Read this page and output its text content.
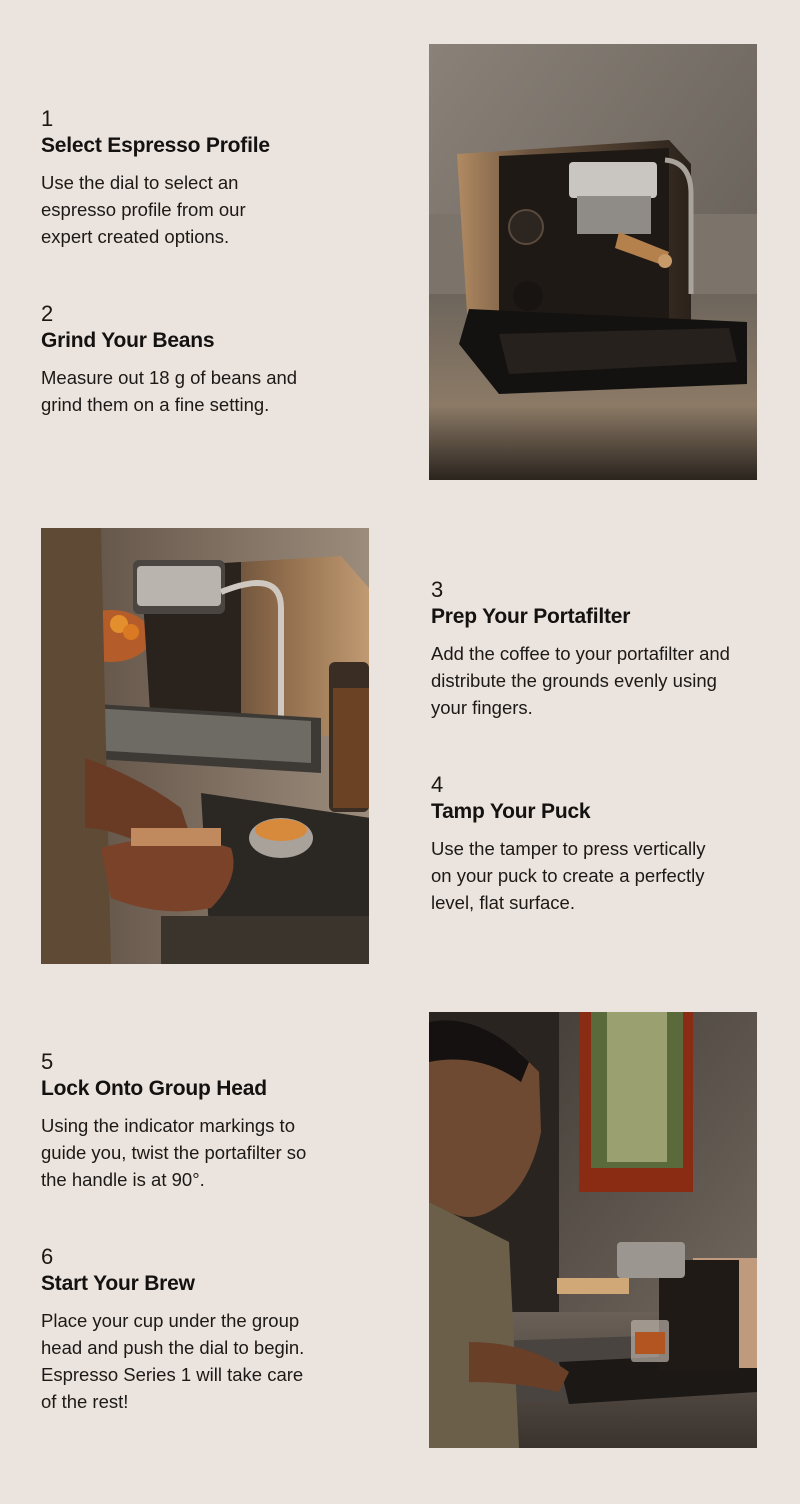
1

Select Espresso Profile

Use the dial to select an espresso profile from our expert created options.

2

Grind Your Beans

Measure out 18 g of beans and grind them on a fine setting.

3

Prep Your Portafilter

Add the coffee to your portafilter and distribute the grounds evenly using your fingers.

4

Tamp Your Puck

Use the tamper to press vertically on your puck to create a perfectly level, flat surface.

5

Lock Onto Group Head

Using the indicator markings to guide you, twist the portafilter so the handle is at 90°.

6

Start Your Brew

Place your cup under the group head and push the dial to begin. Espresso Series 1 will take care of the rest!
